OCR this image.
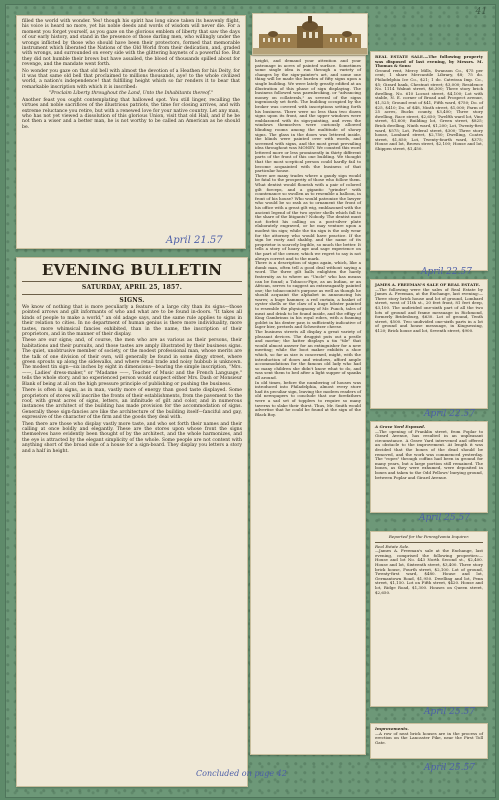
41

filled the world with wonder. Yes! though his spirit has long since taken its heavenly flight, his voice is heard no more, yet his noble deeds and words of wisdom will never die. For a moment you forget yourself, as you gaze on the glorious emblem of liberty that saw the days of our early history, and stand in the presence of those darling men, who willingly under the wrongs inflicted by those who should have been their protectors, formed that memorable instrument which liberated the Nations of the Old World from their dedication, and, graded with wrongs, and surrounded on every side with the glittering baynets of a powerful foe. But they did not humble their brows but have assailed, the blood of thousands spilled about for revenge, and the mandate went forth.

No wonder you gaze on that old bell with almost the devotion of a Heathen for his Deity, for it was that same old bell that proclaimed to millions thousands, aye! to the whole civilized world, a nation's independence! that fulfilling height which so far renders it to bear that remarkable inscription with which it is inscribed:

"Proclaim Liberty throughout the Land, Unto the Inhabitants thereof."

Another feast you ought contemplating that hallowed spot. You still linger, recalling the virtues and noble sacrifices of the illustrious patriots, the time for closing arrives, and with extreme reluctance you retire, but with a renewed love for your native country. Let any man, who has not yet viewed a dissolution of this glorious Union, visit that old Hall, and if he be not then a wiser and a better man, he is not worthy to be called an American as he should be.

April 21.57
EVENING BULLETIN
SATURDAY, APRIL 25, 1857.
SIGNS.

We know of nothing that is more peculiarly a feature of a large city than its signs—those pointed arrows and gilt informants of who and what are to be found in-doors. "It takes all kinds of people to make a world," an old adage says, and the same rule applies to signs in their relation to cities. In no department of human genius is there more individuality, more tastes, more whimsical fancies exhibited, than in the name, the inscription of their proprietors, and in the manner of their display.

These are our signs; and, of course, the men who are as various as their persons, their habitations and their pursuits, and those tastes are amply illustrated by their business signs. The quiet, unobtrusive member of society, or the modest professional man, whose merits are the talk of one division of their own, will generally be found in some dingy street, where green sprouts up along the sidewalks, and where retail trade and noisy hubbub is unknown. The modest tin sign—six inches by eight in dimensions—bearing the simple inscription, "Mrs. ——, Ladies' dress-maker," or "Madame ——, Teacher of Music and the French Language," tells the whole story, and no experienced person would suspect either Mrs. Dash or Monsieur Blank of being at all on the high pressure principle of publishing or pushing the business.

There is often in signs, as in man, vastly more of energy than good taste displayed. Some proprietors of stores will inscribe the fronts of their establishments, from the pavement to the roof, with great acres of signs, letters, an infinitude of gilt and color, and in numerous instances the architect of the building has made provision for the accommodation of signs. Generally these sign-fancies are like the architecture of the building itself—fanciful and gay, expressive of the character of the firm and the goods they deal with.

Then there are those who display vastly more taste, and who set forth their names and their calling at once boldly and elegantly. These are the stores upon whose front the signs themselves have evidently been thought of by the architect, and the whole harmonizes, and the eye is attracted by the elegant simplicity of the whole. Some people are not content with anything short of the broad side of a house for a sign-board. They display you letters a story and a half in height.

height, and demand your attention and your patronage in acres of painted surface. Sometimes some single idea is run through a variety of changes by the sign-painter's art, and some one thing will be made the burden of fifty signs upon a single building. We were lately greatly edified at an illustration of this phase of sign displaying. The business followed was pawnbroking, or "advancing money on collaterals," as several of the signs ingeniously set forth. The building occupied by the broker was covered with inscriptions setting forth his business. There were no less than two dozen signs upon its front, and the upper windows were emblazoned with its sign-painting, and even the windows themselves were curiously allowed blinding rooms among the multitude of showy signs. The glass in the doors was lettered inside, the blinds were painted over with words, and screened with signs, and the most great prevailing idea throughout was MONEY. We counted this word lettered more or less prominently in thirty different parts of the front of this one building. We thought that the most sceptical person could hardly fail to become acquainted with the business of that particular house.

There are many trades where a gaudy sign would be fatal to the prosperity of those who follow them. What dentist would flourish with a pair of colored gilt forceps, and a gigantic "grinder" with countenance so swollen as to resemble a balloon, in front of his house? Who would patronize the lawyer who would be so rash as to ornament the front of his office with a great gilt wig, emblazoned with the ancient legend of the two oyster shells which fall to the share of the litigants? Nobody. The dentist must not forfeit his calling on a post-silver plate elaborately engraved, or he may venture upon a modest tin sign; while the tin sign is the only wear for the attorney who would have practice. If the sign be rusty and shabby, and the name of its proprietor is scarcely legible, so much the better. It tells a story of hoary age and sage experience on the part of the owner, which we regret to say is not always correct and to the mark.

There is a description of signs again, which, like a dumb man, often tell a good deal without saying a word. The three gilt balls enlighten the hardy fraternity as to where an "Uncle" who has means can be found; a Tobacco-Pipe, as an Indian, or an African, serves to suggest an extravagantly painted one; the tobacconist's purpose as well as though he should acquaint the alphabet in announcing his wares; a huge hammer, a red curtain, a basket of oyster shells or the claw of a huge lobster painted to resemble the physiognomy of Mr. Punch, tales of meat and drink to be found inside, and the effigy of King Gambrinus in his royal robes, with a foaming goblet in his dexter paw, is sufficiently indicative of lager bier, pretzels and Schweitzer cheese.

The business streets all display a great variety of pleasant devices. The druggist puts out a pestle and mortar; the hatter displays a tin "tile" that would almost answer for an extinguisher for a new meeting; while the boot maker exhibits a shoe which, so far as size is concerned, might, with the introduction of doors and windows, afford ample accommodations for the famous old lady who had so many children she didn't know what to do, and was sent them to bed after a light supper of spanks all around.

In old times, before the numbering of houses was introduced into Philadelphia, almost every store had its peculiar sign, leaving the modern readers of old newspapers to conclude that our forefathers were a sad set of topplers to require so many taverns to slake their thirst. Thus, Mr. Smith would advertise that he could be found at the sign of the Black Boy.

Concluded on page 42

REAL ESTATE SALE.—The following property was disposed of last evening, by Messrs. M. Thomas & Sons:

Ground rent, Mercy Mills, Swanson Co., $75 per cent; 1 share Mercantile Library, $8; 75 do. Philadelphia Ice Co., $21; 1 do. Catwissa Imp. Co., $5; Girard bank, Chestnut street; $3,000; Residence No. 1114 Walnut street, $6,300; Three story brick dwelling, No. 610 Locust street, $4,100; Lot with stable, N. E. corner of Broad and Prospect avenue, $1,525; Ground rent of $41, Fifth ward, $750; Do. of $25, $410; Do. of $48, Ninth street, $1,000; Farm of 25 acres, Bucks county, $3,400; Three story dwelling, Race street, $2,650; Twelfth ward lot, Vine street, $1,600; Building lot, Green street, $825; Brick dwelling, Ninth ward, $1,200; Lot, Twenty-first ward, $575; Lot, Federal street, $300; Three story house, Lombard street, $2,750; Dwelling, Coates street, $1,850; Lot, Twenty-fourth ward, $375; House and lot, Brown street, $2,100; House and lot, Shippen street, $1,450.

April 22.57

JAMES A. FREEMAN'S SALE OF REAL ESTATE.

—The following were the sales of Real Estate by James A. Freeman, at the Exchange, last evening:— Three story brick house and lot of ground, Lombard street, west of 11th st., 20 feet front, 81 feet deep, $3,100. The undivided one-sixth part of all the two lots of ground and frame messuage in Richmond, formerly Bridesburg, $630. Lot of ground, Tenth street, $500. Two undivided one-sixth parts in a lot of ground and house messuage, in Kingsessing, $120; Brick house and lot, Seventh street, $900.

April 22.57

A Grave Yard Exposed.

—The opening of Franklin street, from Poplar to Girard Avenue, has resulted in an unpleasant circumstance. A Grave Yard intervened and offered an obstacle to the improvement. At length it was decided that the bones of the dead should be removed, and the work was commenced yesterday. The "ropes" through coffins had been in ground for many years, but a large portion still remained. The bones, as they were exhumed, were deposited in boxes and taken to the Odd Fellows' burying ground, between Poplar and Girard Avenue.

April 25.57

Reported for the Pennsylvania Inquirer.

Real Estate Sale.

—James A. Freeman's sale at the Exchange, last evening, comprised the following properties:— House and lot No. 443 North Second st., $2,400. House and lot, Sixteenth street, $3,400. Three story brick house, Fourth street, $2,100. Lot of ground, Twenty-first ward, $480. House and lot, Germantown Road, $1,950. Dwelling and lot, Penn street, $1,150. Lot on Fifth street, $420. House and lot, Ridge Road, $1,300. Houses on Queen street, $2,650.

April 25.57

Improvements.

—A row of neat brick houses are in the process of erection on the Lancaster Pike, near the First Toll Gate.

April 25.57
